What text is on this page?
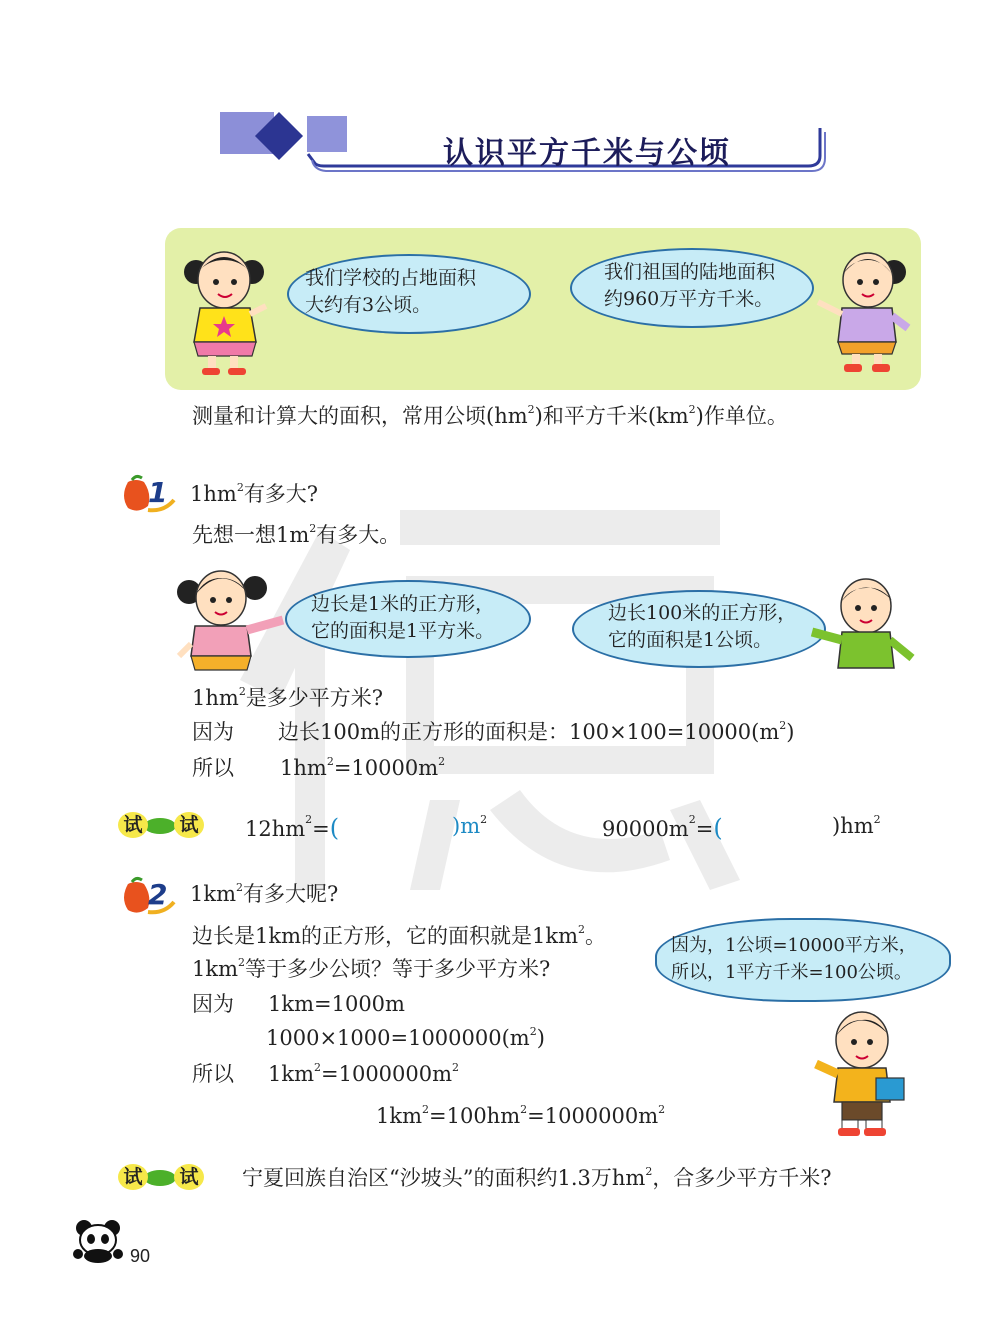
认识平方千米与公顷
我们学校的占地面积
大约有3公顷。
我们祖国的陆地面积
约960万平方千米。
测量和计算大的面积，常用公顷$(hm^2)$和平方千米$(km^2)$作单位。
1 $1hm^2$有多大?
先想一想$1m^2$有多大。
边长是1米的正方形，
它的面积是1平方米。
边长100米的正方形，
它的面积是1公顷。
$1hm^2$是多少平方米?
因为 边长100m的正方形的面积是：$100\times 100=10000(m^2)$
所以 $1hm^2=10000m^2$
试 试 $12hm^2=$(	)$m^2$	$90000m^2=$(	)$hm^2$
2 $1km^2$有多大呢?
边长是1km的正方形，它的面积就是$1km^2$。
$1km^2$等于多少公顷？等于多少平方米?
因为 1km=1000m
$1000\times 1000=1000000(m^2)$
所以 $1km^2=1000000m^2$
$1km^2=100hm^2=1000000m^2$
因为，1公顷=10000平方米，
所以，1平方千米=100公顷。
试 试 宁夏回族自治区“沙坡头”的面积约1.3万$hm^2$，合多少平方千米?
90
